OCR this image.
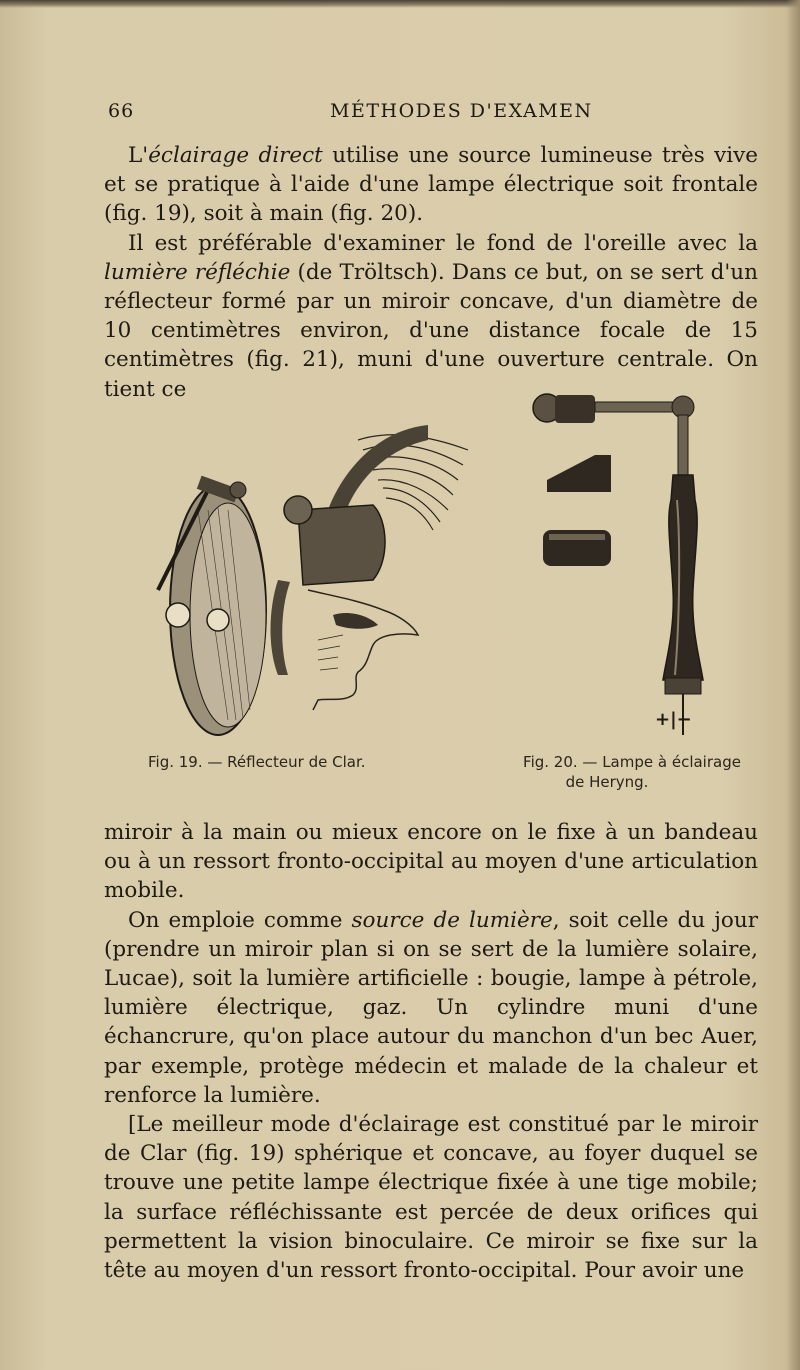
66	MÉTHODES D'EXAMEN

L'éclairage direct utilise une source lumineuse très vive et se pratique à l'aide d'une lampe électrique soit frontale (fig. 19), soit à main (fig. 20).

Il est préférable d'examiner le fond de l'oreille avec la lumière réfléchie (de Tröltsch). Dans ce but, on se sert d'un réflecteur formé par un miroir concave, d'un diamètre de 10 centimètres environ, d'une distance focale de 15 centimètres (fig. 21), muni d'une ouverture centrale. On tient ce

+|−
Fig. 19. — Réflecteur de Clar.	Fig. 20. — Lampe à éclairage
de Heryng.

miroir à la main ou mieux encore on le fixe à un bandeau ou à un ressort fronto-occipital au moyen d'une articulation mobile.

On emploie comme source de lumière, soit celle du jour (prendre un miroir plan si on se sert de la lumière solaire, Lucae), soit la lumière artificielle : bougie, lampe à pétrole, lumière électrique, gaz. Un cylindre muni d'une échancrure, qu'on place autour du manchon d'un bec Auer, par exemple, protège médecin et malade de la chaleur et renforce la lumière.

[Le meilleur mode d'éclairage est constitué par le miroir de Clar (fig. 19) sphérique et concave, au foyer duquel se trouve une petite lampe électrique fixée à une tige mobile; la surface réfléchissante est percée de deux orifices qui permettent la vision binoculaire. Ce miroir se fixe sur la tête au moyen d'un ressort fronto-occipital. Pour avoir une
